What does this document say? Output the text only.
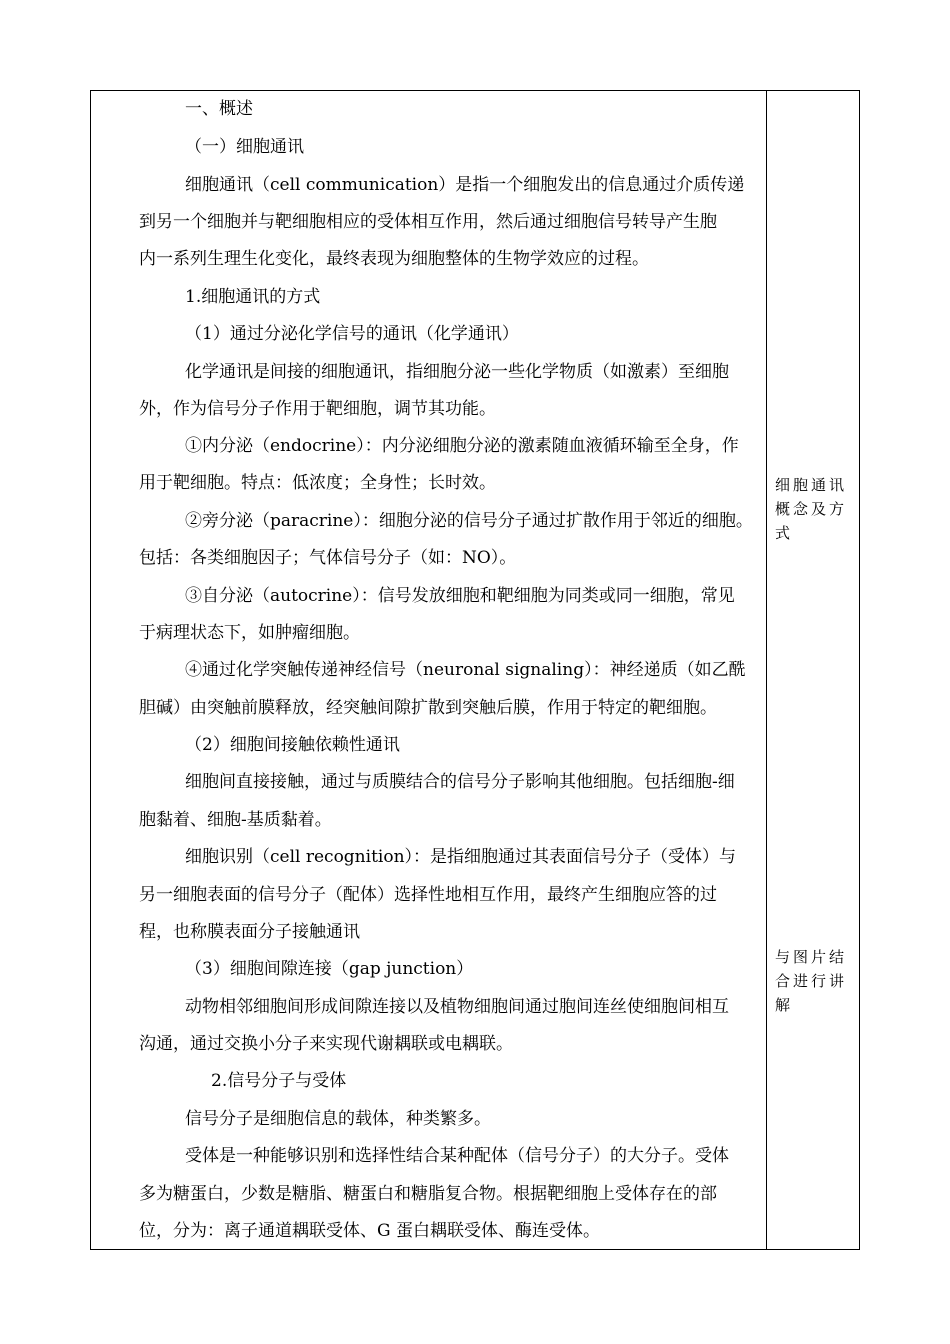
一、概述
（一）细胞通讯
细胞通讯（cell communication）是指一个细胞发出的信息通过介质传递
到另一个细胞并与靶细胞相应的受体相互作用，然后通过细胞信号转导产生胞
内一系列生理生化变化，最终表现为细胞整体的生物学效应的过程。
1.细胞通讯的方式
（1）通过分泌化学信号的通讯（化学通讯）
化学通讯是间接的细胞通讯，指细胞分泌一些化学物质（如激素）至细胞
外，作为信号分子作用于靶细胞，调节其功能。
①内分泌（endocrine）：内分泌细胞分泌的激素随血液循环输至全身，作
用于靶细胞。特点：低浓度；全身性；长时效。
②旁分泌（paracrine）：细胞分泌的信号分子通过扩散作用于邻近的细胞。
包括：各类细胞因子；气体信号分子（如：NO）。
③自分泌（autocrine）：信号发放细胞和靶细胞为同类或同一细胞，常见
于病理状态下，如肿瘤细胞。
④通过化学突触传递神经信号（neuronal signaling）：神经递质（如乙酰
胆碱）由突触前膜释放，经突触间隙扩散到突触后膜，作用于特定的靶细胞。
（2）细胞间接触依赖性通讯
细胞间直接接触，通过与质膜结合的信号分子影响其他细胞。包括细胞-细
胞黏着、细胞-基质黏着。
细胞识别（cell recognition）：是指细胞通过其表面信号分子（受体）与
另一细胞表面的信号分子（配体）选择性地相互作用，最终产生细胞应答的过
程，也称膜表面分子接触通讯
（3）细胞间隙连接（gap junction）
动物相邻细胞间形成间隙连接以及植物细胞间通过胞间连丝使细胞间相互
沟通，通过交换小分子来实现代谢耦联或电耦联。
2.信号分子与受体
信号分子是细胞信息的载体，种类繁多。
受体是一种能够识别和选择性结合某种配体（信号分子）的大分子。受体
多为糖蛋白，少数是糖脂、糖蛋白和糖脂复合物。根据靶细胞上受体存在的部
位，分为：离子通道耦联受体、G 蛋白耦联受体、酶连受体。
细胞通讯
概念及方
式
与图片结
合进行讲
解
